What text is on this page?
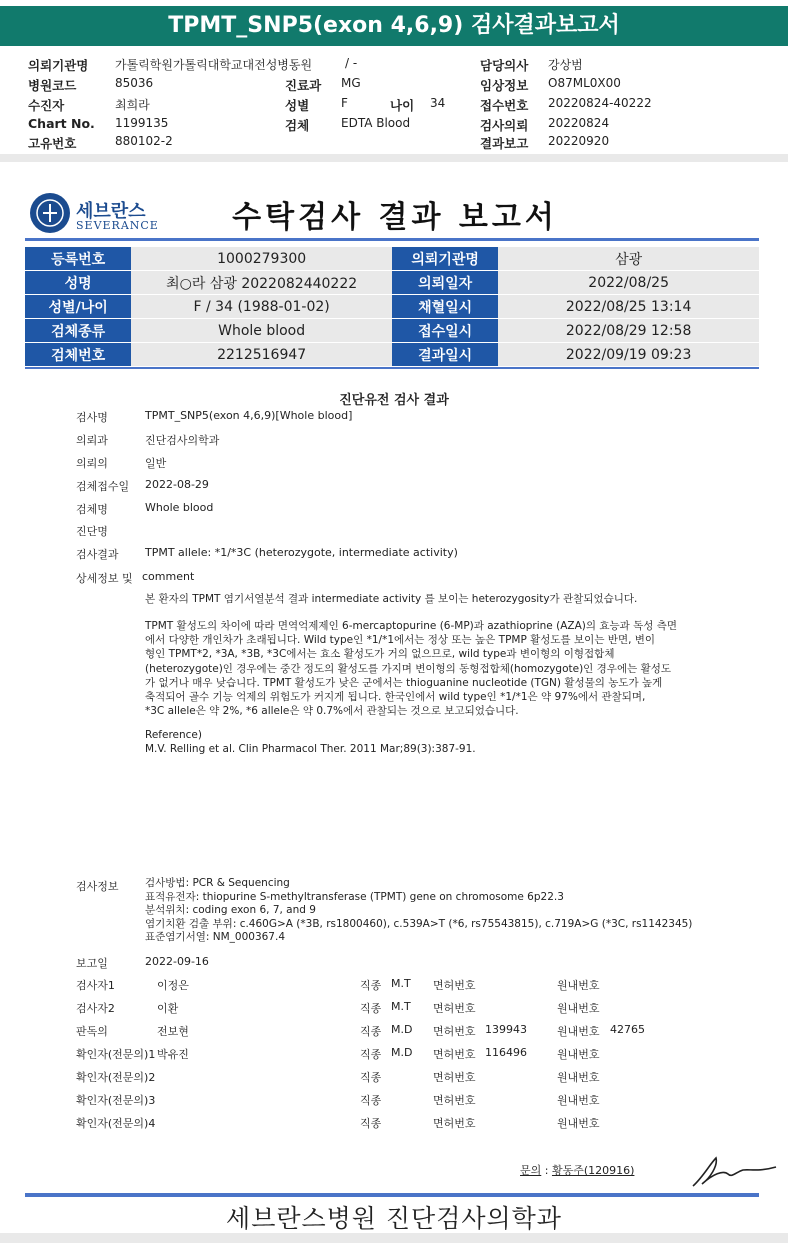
TPMT_SNP5(exon 4,6,9) 검사결과보고서
의뢰기관명 가톨릭학원가톨릭대학교대전성병동원	/ -
병원코드	85036
수진자	최희라
Chart No. 1199135
고유번호	880102-2
진료과 MG
성별	F	나이 34
검체	EDTA Blood
담당의사 강상범
임상정보 O87ML0X00
접수번호 20220824-40222
검사의뢰 20220824
결과보고 20220920
세브란스
SEVERANCE	수탁검사 결과 보고서
등록번호	1000279300	의뢰기관명	삼광
성명	최○라 삼광 2022082440222	의뢰일자	2022/08/25
성별/나이	F / 34 (1988-01-02)	채혈일시	2022/08/25 13:14
검체종류	Whole blood	접수일시	2022/08/29 12:58
검체번호	2212516947	결과일시	2022/09/19 09:23
진단유전 검사 결과
검사명	TPMT_SNP5(exon 4,6,9)[Whole blood]
의뢰과	진단검사의학과
의뢰의	일반
검체접수일 2022-08-29
검체명	Whole blood
진단명
검사결과 TPMT allele: *1/*3C (heterozygote, intermediate activity)
상세정보 및 comment
본 환자의 TPMT 염기서열분석 결과 intermediate activity 를 보이는 heterozygosity가 관찰되었습니다.
TPMT 활성도의 차이에 따라 면역억제제인 6-mercaptopurine (6-MP)과 azathioprine (AZA)의 효능과 독성 측면
에서 다양한 개인차가 초래됩니다. Wild type인 *1/*1에서는 정상 또는 높은 TPMP 활성도를 보이는 반면, 변이
형인 TPMT*2, *3A, *3B, *3C에서는 효소 활성도가 거의 없으므로, wild type과 변이형의 이형접합체
(heterozygote)인 경우에는 중간 정도의 활성도를 가지며 변이형의 동형접합체(homozygote)인 경우에는 활성도
가 없거나 매우 낮습니다. TPMT 활성도가 낮은 군에서는 thioguanine nucleotide (TGN) 활성물의 농도가 높게
축적되어 골수 기능 억제의 위험도가 커지게 됩니다. 한국인에서 wild type인 *1/*1은 약 97%에서 관찰되며,
*3C allele은 약 2%, *6 allele은 약 0.7%에서 관찰되는 것으로 보고되었습니다.
Reference)
M.V. Relling et al. Clin Pharmacol Ther. 2011 Mar;89(3):387-91.
검사정보	검사방법: PCR & Sequencing
표적유전자: thiopurine S-methyltransferase (TPMT) gene on chromosome 6p22.3
분석위치: coding exon 6, 7, and 9
염기치환 검출 부위: c.460G>A (*3B, rs1800460), c.539A>T (*6, rs75543815), c.719A>G (*3C, rs1142345)
표준염기서열: NM_000367.4
보고일	2022-09-16
검사자1	이정은	직종 M.T 면허번호	원내번호
검사자2	이환	직종 M.T 면허번호	원내번호
판독의	전보현	직종 M.D 면허번호 139943	원내번호 42765
확인자(전문의)1 박유진	직종 M.D 면허번호 116496	원내번호
확인자(전문의)2	직종	면허번호	원내번호
확인자(전문의)3	직종	면허번호	원내번호
확인자(전문의)4	직종	면허번호	원내번호
문의 : 황동주(120916)
세브란스병원 진단검사의학과
